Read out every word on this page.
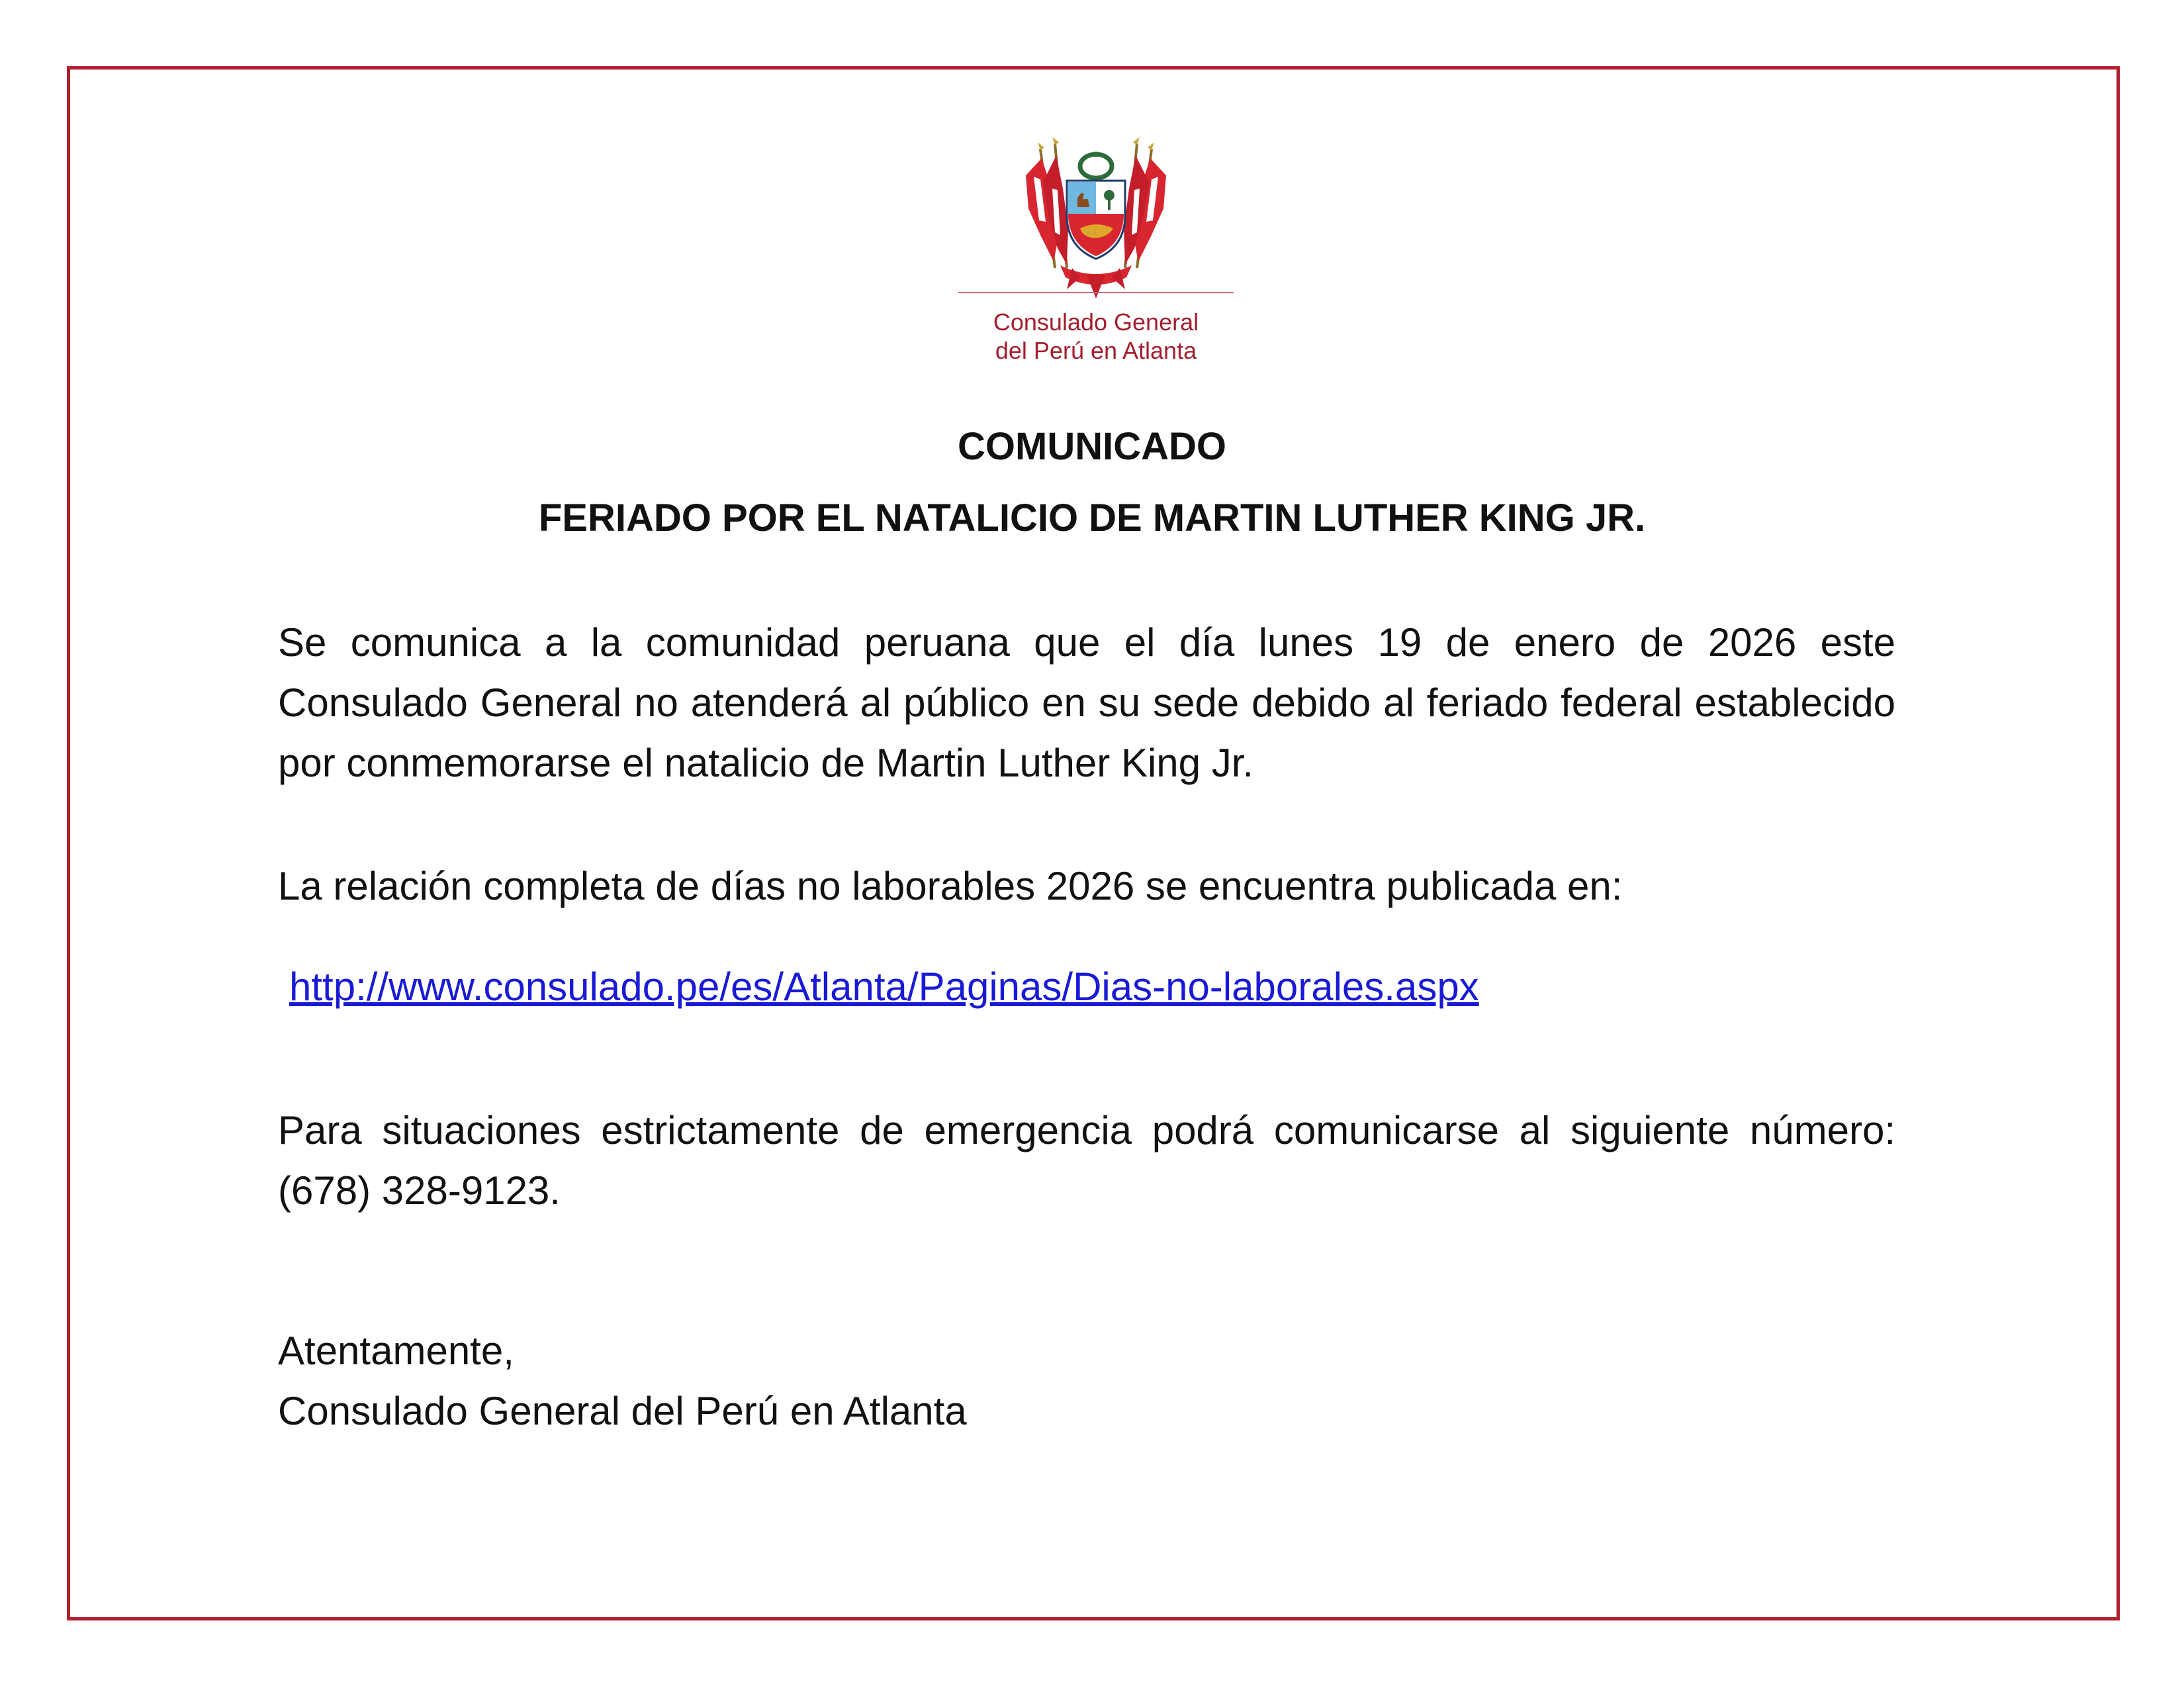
Consulado General
del Perú en Atlanta
COMUNICADO
FERIADO POR EL NATALICIO DE MARTIN LUTHER KING JR.
Se comunica a la comunidad peruana que el día lunes 19 de enero de 2026 este Consulado General no atenderá al público en su sede debido al feriado federal establecido por conmemorarse el natalicio de Martin Luther King Jr.
La relación completa de días no laborables 2026 se encuentra publicada en:
http://www.consulado.pe/es/Atlanta/Paginas/Dias-no-laborales.aspx
Para situaciones estrictamente de emergencia podrá comunicarse al siguiente número: (678) 328-9123.
Atentamente,
Consulado General del Perú en Atlanta
